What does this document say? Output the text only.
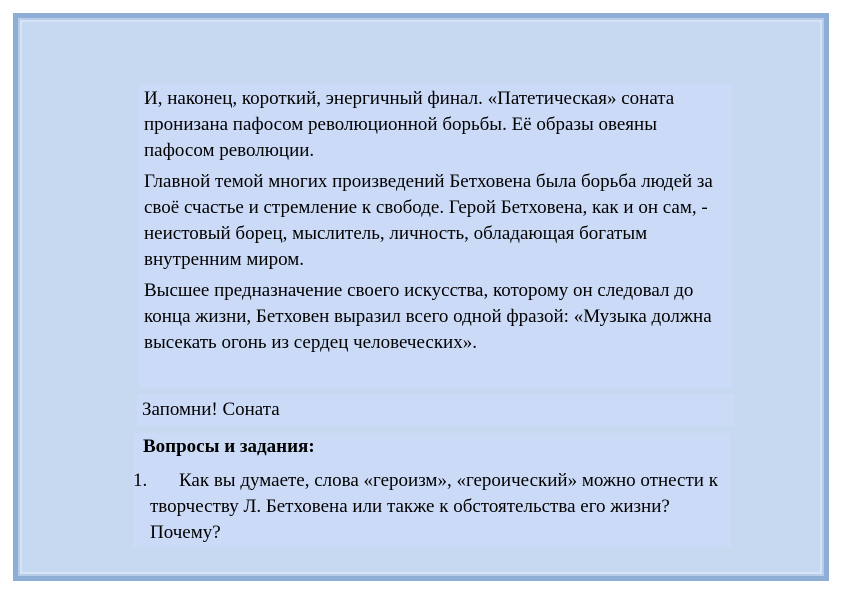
И, наконец, короткий, энергичный финал. «Патетическая» соната пронизана пафосом революционной борьбы. Её образы овеяны пафосом революции.

Главной темой многих произведений Бетховена была борьба людей за своё счастье и стремление к свободе. Герой Бетховена, как и он сам, - неистовый борец, мыслитель, личность, обладающая богатым внутренним миром.

Высшее предназначение своего искусства, которому он следовал до конца жизни, Бетховен выразил всего одной фразой: «Музыка должна высекать огонь из сердец человеческих».

Запомни! Соната
Вопросы и задания:
1.	Как вы думаете, слова «героизм», «героический» можно отнести к творчеству Л. Бетховена или также к обстоятельства его жизни? Почему?
